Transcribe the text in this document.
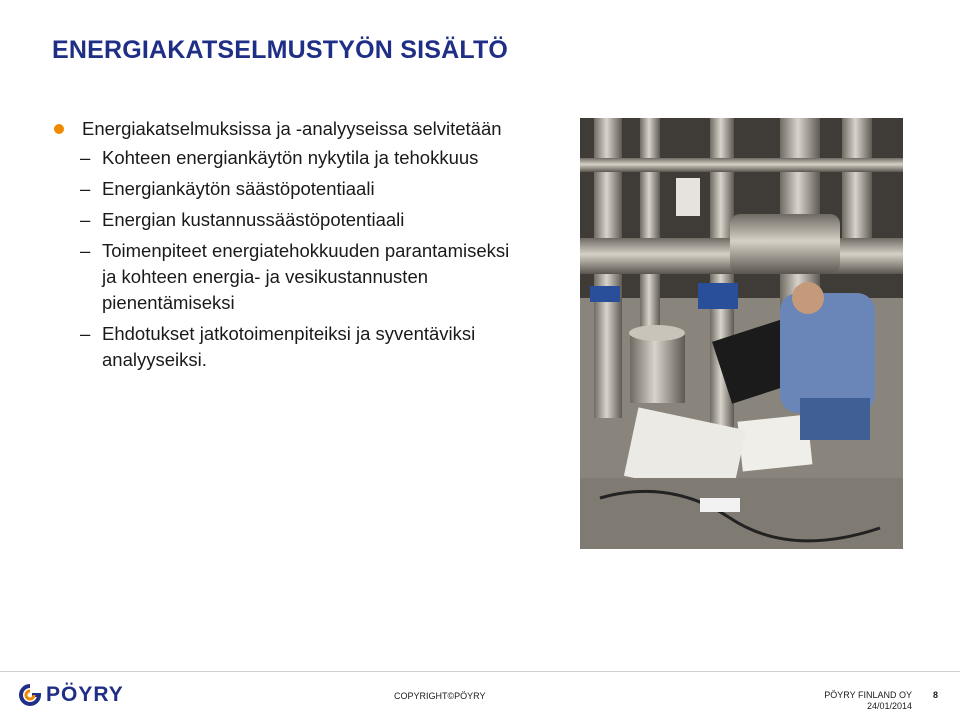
ENERGIAKATSELMUSTYÖN SISÄLTÖ
Energiakatselmuksissa ja -analyyseissa selvitetään
– Kohteen energiankäytön nykytila ja tehokkuus
– Energiankäytön säästöpotentiaali
– Energian kustannussäästöpotentiaali
– Toimenpiteet energiatehokkuuden parantamiseksi ja kohteen energia- ja vesikustannusten pienentämiseksi
– Ehdotukset jatkotoimenpiteiksi ja syventäviksi analyyseiksi.
PÖYRY	COPYRIGHT©PÖYRY	PÖYRY FINLAND OY
24/01/2014
8
